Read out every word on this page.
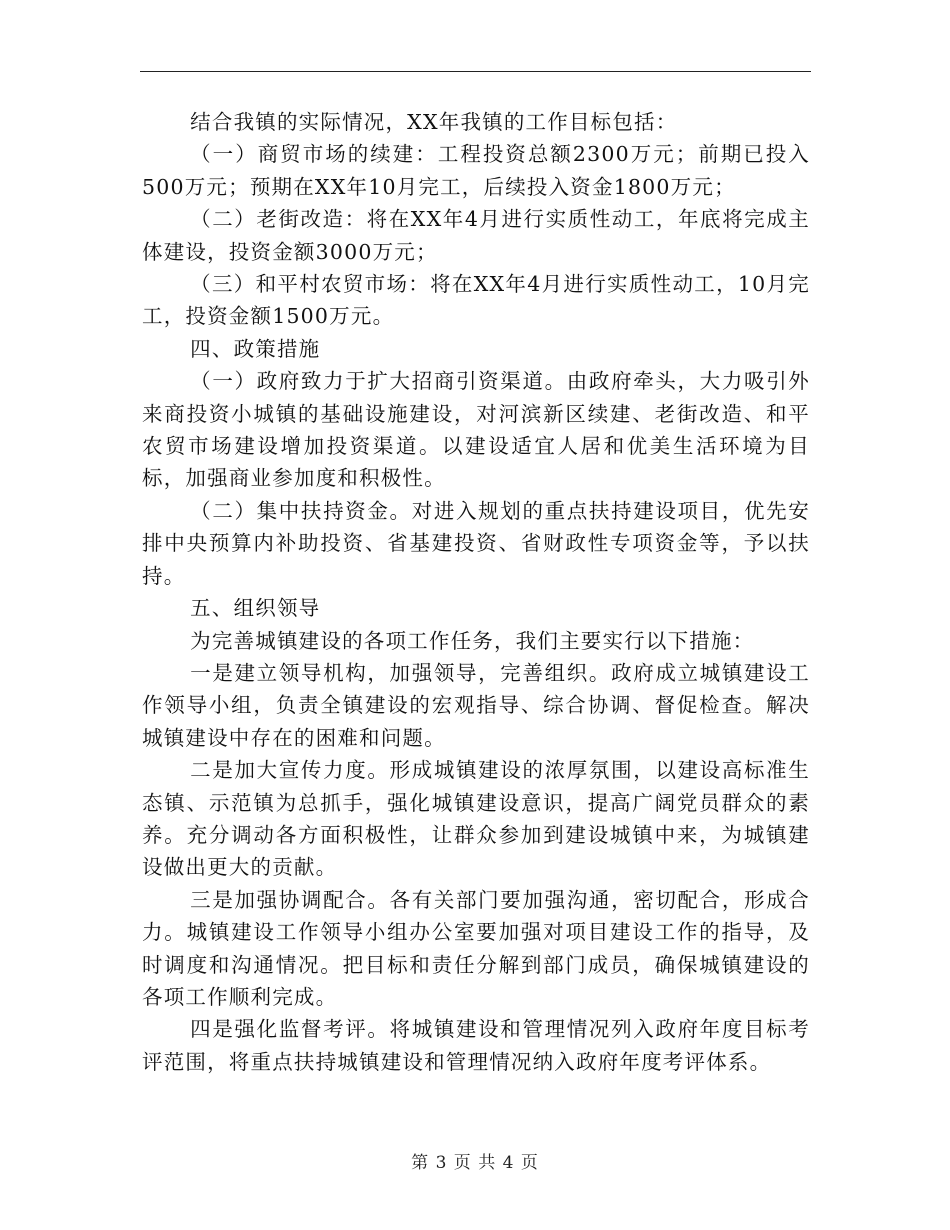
结合我镇的实际情况，XX年我镇的工作目标包括：

（一）商贸市场的续建：工程投资总额2300万元；前期已投入500万元；预期在XX年10月完工，后续投入资金1800万元；

（二）老街改造：将在XX年4月进行实质性动工，年底将完成主体建设，投资金额3000万元；

（三）和平村农贸市场：将在XX年4月进行实质性动工，10月完工，投资金额1500万元。

四、政策措施

（一）政府致力于扩大招商引资渠道。由政府牵头，大力吸引外来商投资小城镇的基础设施建设，对河滨新区续建、老街改造、和平农贸市场建设增加投资渠道。以建设适宜人居和优美生活环境为目标，加强商业参加度和积极性。

（二）集中扶持资金。对进入规划的重点扶持建设项目，优先安排中央预算内补助投资、省基建投资、省财政性专项资金等，予以扶持。

五、组织领导

为完善城镇建设的各项工作任务，我们主要实行以下措施：

一是建立领导机构，加强领导，完善组织。政府成立城镇建设工作领导小组，负责全镇建设的宏观指导、综合协调、督促检查。解决城镇建设中存在的困难和问题。

二是加大宣传力度。形成城镇建设的浓厚氛围，以建设高标准生态镇、示范镇为总抓手，强化城镇建设意识，提高广阔党员群众的素养。充分调动各方面积极性，让群众参加到建设城镇中来，为城镇建设做出更大的贡献。

三是加强协调配合。各有关部门要加强沟通，密切配合，形成合力。城镇建设工作领导小组办公室要加强对项目建设工作的指导，及时调度和沟通情况。把目标和责任分解到部门成员，确保城镇建设的各项工作顺利完成。

四是强化监督考评。将城镇建设和管理情况列入政府年度目标考评范围，将重点扶持城镇建设和管理情况纳入政府年度考评体系。

第 3 页 共 4 页
